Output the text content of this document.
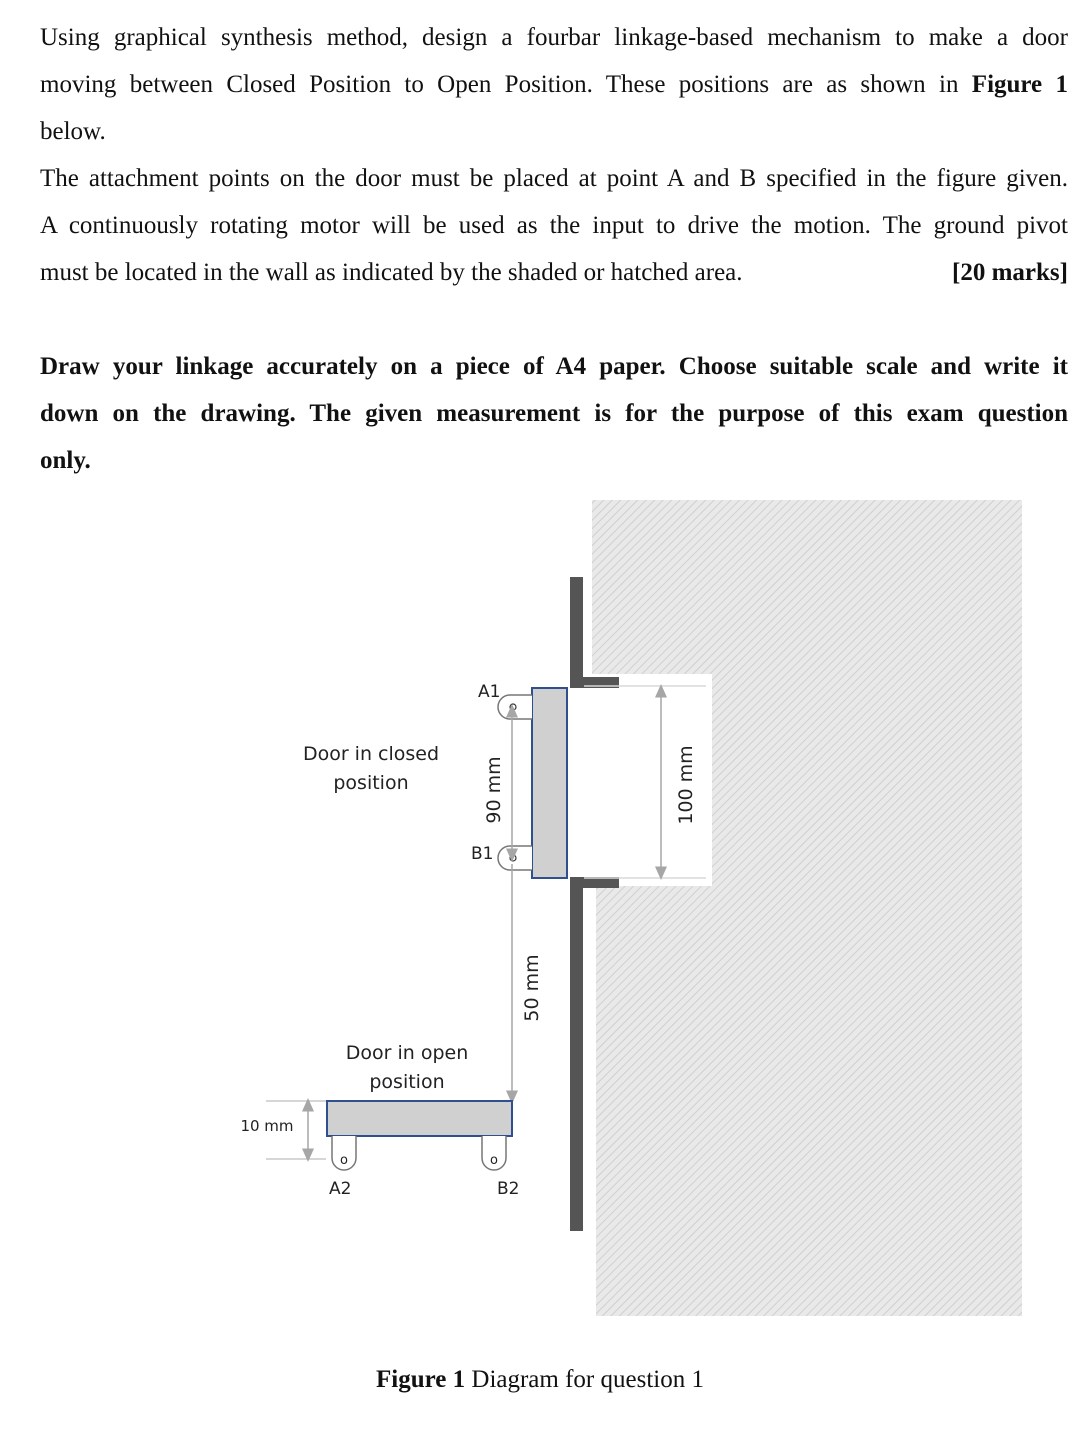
Using graphical synthesis method, design a fourbar linkage-based mechanism to make a door
moving between Closed Position to Open Position. These positions are as shown in Figure 1
below.
The attachment points on the door must be placed at point A and B specified in the figure given.
A continuously rotating motor will be used as the input to drive the motion. The ground pivot
must be located in the wall as indicated by the shaded or hatched area.	[20 marks]
Draw your linkage accurately on a piece of A4 paper. Choose suitable scale and write it
down on the drawing. The given measurement is for the purpose of this exam question
only.
Door in closed
position
Door in open
position
A1
B1
A2	B2
o	o
90 mm
50 mm
100 mm
10 mm
Figure 1 Diagram for question 1
